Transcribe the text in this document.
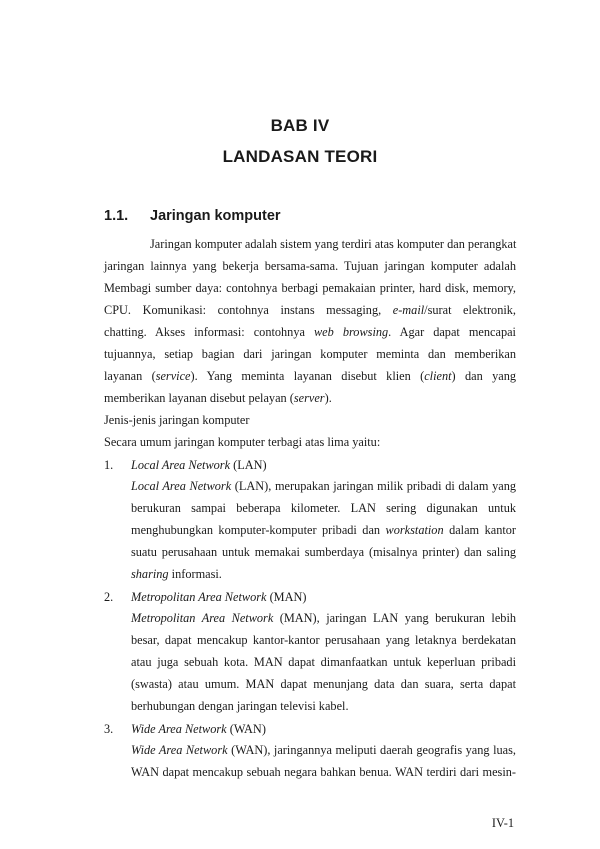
BAB IV
LANDASAN TEORI
1.1. Jaringan komputer
Jaringan komputer adalah sistem yang terdiri atas komputer dan perangkat
jaringan lainnya yang bekerja bersama-sama. Tujuan jaringan komputer adalah
Membagi sumber daya: contohnya berbagi pemakaian printer, hard disk, memory,
CPU. Komunikasi: contohnya instans messaging, e-mail/surat elektronik,
chatting. Akses informasi: contohnya web browsing. Agar dapat mencapai
tujuannya, setiap bagian dari jaringan komputer meminta dan memberikan
layanan (service). Yang meminta layanan disebut klien (client) dan yang
memberikan layanan disebut pelayan (server).
Jenis-jenis jaringan komputer
Secara umum jaringan komputer terbagi atas lima yaitu:
1. Local Area Network (LAN)
Local Area Network (LAN), merupakan jaringan milik pribadi di dalam yang
berukuran sampai beberapa kilometer. LAN sering digunakan untuk
menghubungkan komputer-komputer pribadi dan workstation dalam kantor
suatu perusahaan untuk memakai sumberdaya (misalnya printer) dan saling
sharing informasi.
2. Metropolitan Area Network (MAN)
Metropolitan Area Network (MAN), jaringan LAN yang berukuran lebih
besar, dapat mencakup kantor-kantor perusahaan yang letaknya berdekatan
atau juga sebuah kota. MAN dapat dimanfaatkan untuk keperluan pribadi
(swasta) atau umum. MAN dapat menunjang data dan suara, serta dapat
berhubungan dengan jaringan televisi kabel.
3. Wide Area Network (WAN)
Wide Area Network (WAN), jaringannya meliputi daerah geografis yang luas,
WAN dapat mencakup sebuah negara bahkan benua. WAN terdiri dari mesin-
IV-1
